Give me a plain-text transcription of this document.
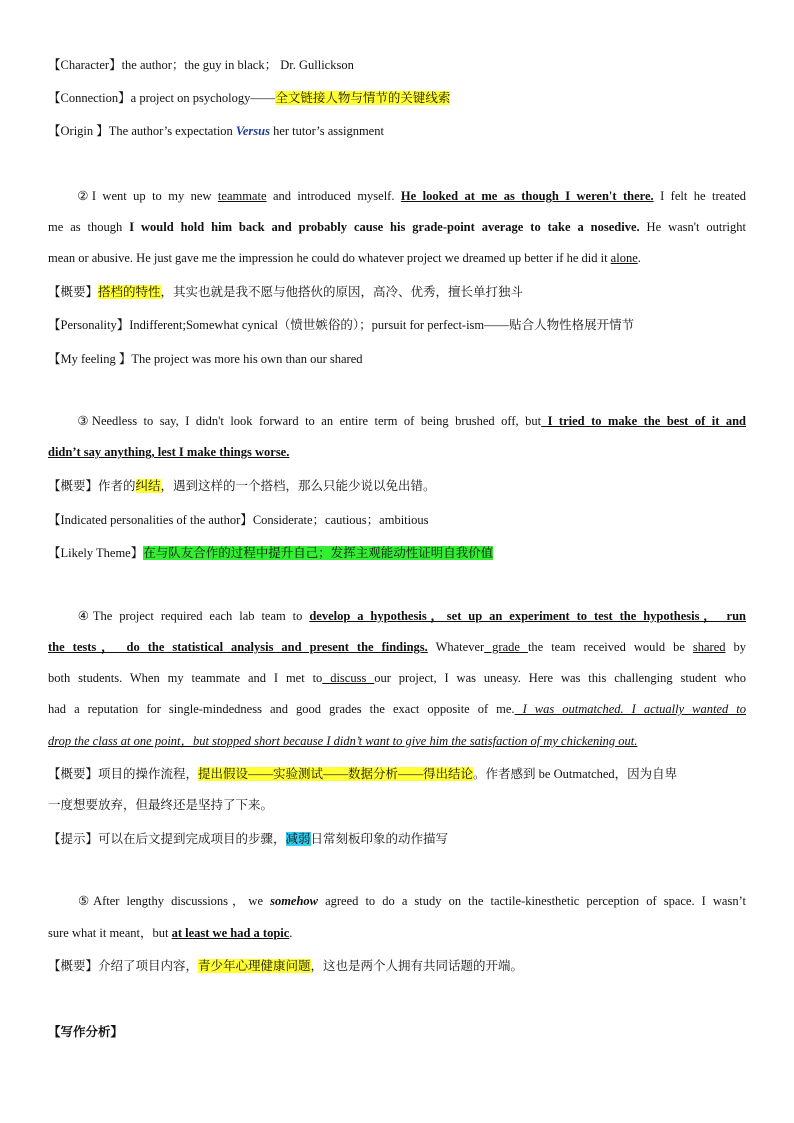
【Character】the author；the guy in black； Dr. Gullickson
【Connection】a project on psychology——全文链接人物与情节的关键线索
【Origin 】The author’s expectation Versus her tutor’s assignment
②I went up to my new teammate and introduced myself. He looked at me as though I weren't there. I felt he treated
me as though I would hold him back and probably cause his grade-point average to take a nosedive. He wasn't outright
mean or abusive. He just gave me the impression he could do whatever project we dreamed up better if he did it alone.
【概要】搭档的特性，其实也就是我不愿与他搭伙的原因，高冷、优秀，擅长单打独斗
【Personality】Indifferent;Somewhat cynical（愤世嫉俗的）；pursuit for perfect-ism——贴合人物性格展开情节
【My feeling 】The project was more his own than our shared
③Needless to say, I didn't look forward to an entire term of being brushed off, but I tried to make the best of it and
didn’t say anything, lest I make things worse.
【概要】作者的纠结，遇到这样的一个搭档，那么只能少说以免出错。
【Indicated personalities of the author】Considerate；cautious；ambitious
【Likely Theme】在与队友合作的过程中提升自己；发挥主观能动性证明自我价值
④The project required each lab team to develop a hypothesis，set up an experiment to test the hypothesis， run
the tests， do the statistical analysis and present the findings. Whatever grade the team received would be shared by
both students. When my teammate and I met to discuss our project, I was uneasy. Here was this challenging student who
had a reputation for single-mindedness and good grades the exact opposite of me. I was outmatched. I actually wanted to
drop the class at one point，but stopped short because I didn’t want to give him the satisfaction of my chickening out.
【概要】项目的操作流程，提出假设——实验测试——数据分析——得出结论。作者感到 be Outmatched，因为自卑
一度想要放弃，但最终还是坚持了下来。
【提示】可以在后文提到完成项目的步骤，减弱日常刻板印象的动作描写
⑤After lengthy discussions，we somehow agreed to do a study on the tactile-kinesthetic perception of space. I wasn’t
sure what it meant，but at least we had a topic.
【概要】介绍了项目内容，青少年心理健康问题，这也是两个人拥有共同话题的开端。
【写作分析】
